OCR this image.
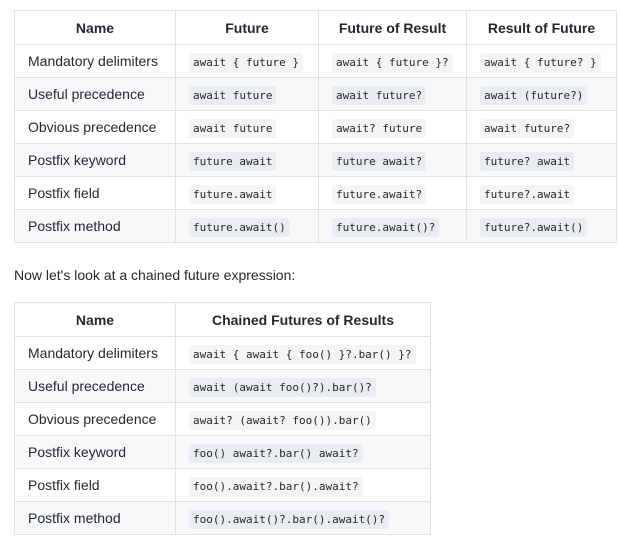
Name	Future	Future of Result	Result of Future
Mandatory delimiters	await { future }	await { future }?	await { future? }
Useful precedence	await future	await future?	await (future?)
Obvious precedence	await future	await? future	await future?
Postfix keyword	future await	future await?	future? await
Postfix field	future.await	future.await?	future?.await
Postfix method	future.await()	future.await()?	future?.await()

Now let's look at a chained future expression:

Name	Chained Futures of Results
Mandatory delimiters	await { await { foo() }?.bar() }?
Useful precedence	await (await foo()?).bar()?
Obvious precedence	await? (await? foo()).bar()
Postfix keyword	foo() await?.bar() await?
Postfix field	foo().await?.bar().await?
Postfix method	foo().await()?.bar().await()?
